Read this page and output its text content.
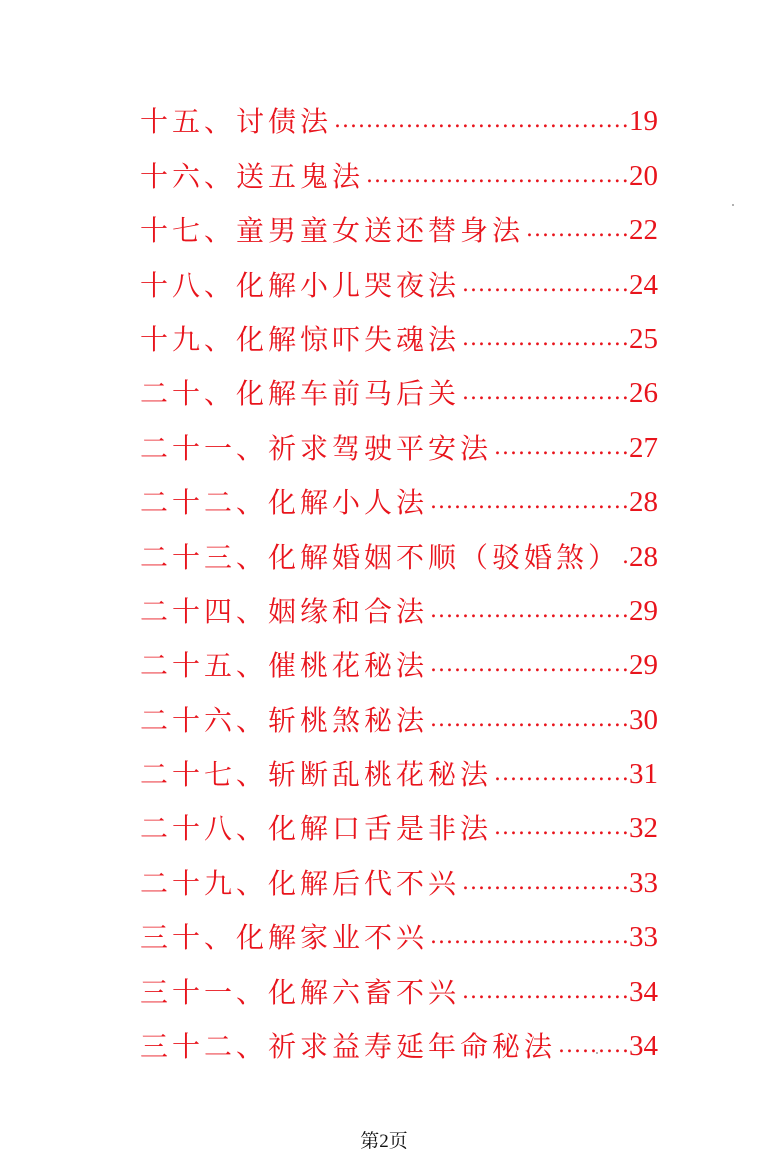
十五、讨债法 .....	19
十六、送五鬼法 .....	20
十七、童男童女送还替身法 .....	22
十八、化解小儿哭夜法 .....	24
十九、化解惊吓失魂法 .....	25
二十、化解车前马后关 .....	26
二十一、祈求驾驶平安法 .....	27
二十二、化解小人法 .....	28
二十三、化解婚姻不顺（驳婚煞） ..... 28
二十四、姻缘和合法 .....	29
二十五、催桃花秘法 .....	29
二十六、斩桃煞秘法 .....	30
二十七、斩断乱桃花秘法 .....	31
二十八、化解口舌是非法 .....	32
二十九、化解后代不兴 .....	33
三十、化解家业不兴 .....	33
三十一、化解六畜不兴 .....	34
三十二、祈求益寿延年命秘法 .....	34
第2页
